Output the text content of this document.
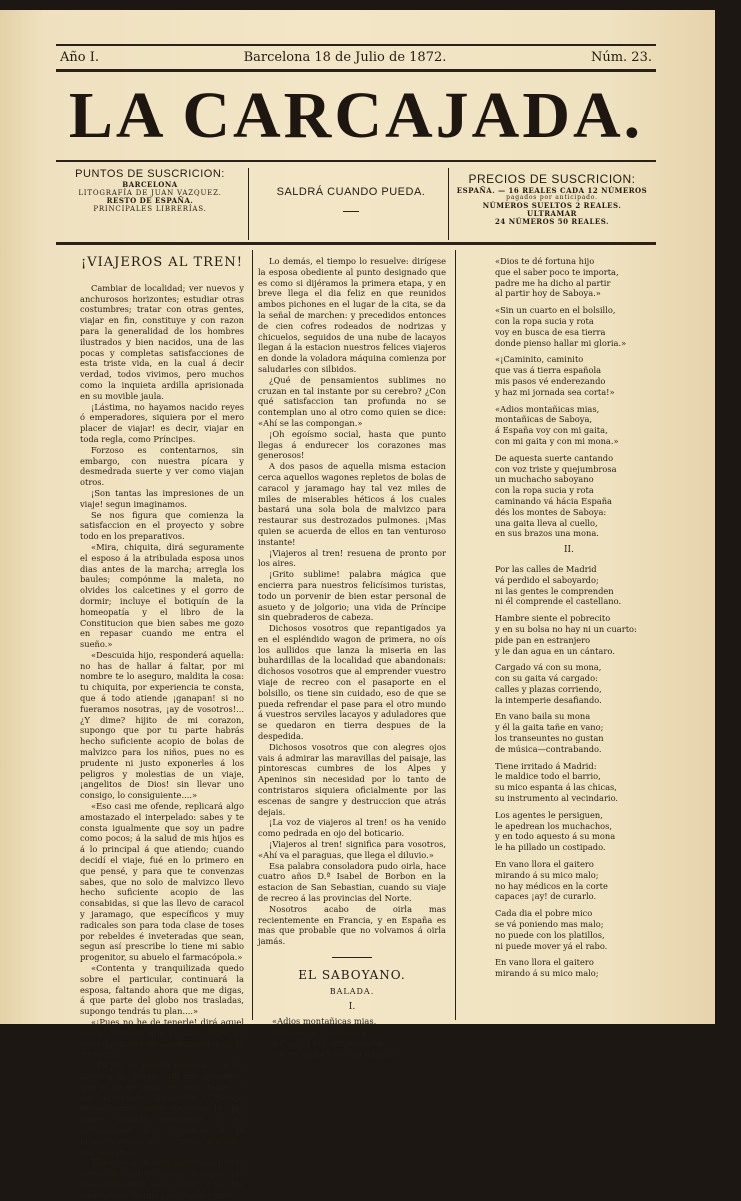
Año I.	Barcelona 18 de Julio de 1872.	Núm. 23.
LA CARCAJADA.
PUNTOS DE SUSCRICION:
BARCELONA
LITOGRAFÍA DE JUAN VAZQUEZ.
RESTO DE ESPAÑA.
PRINCIPALES LIBRERÍAS.
SALDRÁ CUANDO PUEDA.
PRECIOS DE SUSCRICION:
ESPAÑA. — 16 REALES CADA 12 NÚMEROS
pagados por anticipado.
NÚMEROS SUELTOS 2 REALES.
ULTRAMAR
24 NÚMEROS 50 REALES.
¡VIAJEROS AL TREN!

Cambiar de localidad; ver nuevos y anchurosos horizontes; estudiar otras costumbres; tratar con otras gentes, viajar en fin, constituye y con razon para la generalidad de los hombres ilustrados y bien nacidos, una de las pocas y completas satisfacciones de esta triste vida, en la cual á decir verdad, todos vivimos, pero muchos como la inquieta ardilla aprisionada en su movible jaula.

¡Lástima, no hayamos nacido reyes ó emperadores, siquiera por el mero placer de viajar! es decir, viajar en toda regla, como Príncipes.

Forzoso es contentarnos, sin embargo, con nuestra pícara y desmedrada suerte y ver como viajan otros.

¡Son tantas las impresiones de un viaje! segun imaginamos.

Se nos figura que comienza la satisfaccion en el proyecto y sobre todo en los preparativos.

«Mira, chiquita, dirá seguramente el esposo á la atribulada esposa unos dias antes de la marcha; arregla los baules; compónme la maleta, no olvides los calcetines y el gorro de dormir; incluye el botiquín de la homeopatía y el libro de la Constitucion que bien sabes me gozo en repasar cuando me entra el sueño.»

«Descuida hijo, responderá aquella: no has de hallar á faltar, por mi nombre te lo aseguro, maldita la cosa: tu chiquita, por experiencia te consta, que á todo atiende ¡ganapan! si no fueramos nosotras, ¡ay de vosotros!... ¿Y dime? hijito de mi corazon, supongo que por tu parte habrás hecho suficiente acopio de bolas de malvizco para los niños, pues no es prudente ni justo exponerles á los peligros y molestias de un viaje, ¡angelitos de Dios! sin llevar uno consigo, lo consiguiente....»

«Eso casi me ofende, replicará algo amostazado el interpelado: sabes y te consta igualmente que soy un padre como pocos; á la salud de mis hijos es á lo principal á que atiendo; cuando decidí el viaje, fué en lo primero en que pensé, y para que te convenzas sabes, que no solo de malvizco llevo hecho suficiente acopio de las consabidas, si que las llevo de caracol y jaramago, que específicos y muy radicales son para toda clase de toses por rebeldes é inveteradas que sean, segun así prescribe lo tiene mi sabio progenitor, su abuelo el farmacópola.»

«Contenta y tranquilizada quedo sobre el particular, continuará la esposa, faltando ahora que me digas, á que parte del globo nos trasladas, supongo tendrás tu plan....»

«¡Pues no he de tenerle! dirá aquel ¡vaya! permite que lo calle, pues no quiero privarte de la satisfaccion de la sorpresa.»

«Tú por de pronto marchas con los niños á la Granja: allí me aguardas, que no he de tardar en reunirteme; yo aquí entretanto aprovecho el tiempo despachando algun negociocillo que tengo todavía pendiente y en juntándonos nos dirigimos á la primera estacion y.... cuento acabado, nos largamos.»

Tales serán ó muy parecidos por lo menos los sabrosísimos diálogos que mediarán entre todo palomo y paloma en vísperas de una partida de recreo.

Lo demás, el tiempo lo resuelve: dirígese la esposa obediente al punto designado que es como si dijéramos la primera etapa, y en breve llega el dia feliz en que reunidos ambos pichones en el lugar de la cita, se da la señal de marchen: y precedidos entonces de cien cofres rodeados de nodrizas y chicuelos, seguidos de una nube de lacayos llegan á la estacion nuestros felices viajeros en donde la voladora máquina comienza por saludarles con silbidos.

¿Qué de pensamientos sublimes no cruzan en tal instante por su cerebro? ¿Con qué satisfaccion tan profunda no se contemplan uno al otro como quien se dice: «Ahí se las compongan.»

¡Oh egoísmo social, hasta que punto llegas á endurecer los corazones mas generosos!

A dos pasos de aquella misma estacion cerca aquellos wagones repletos de bolas de caracol y jaramago hay tal vez miles de miles de miserables héticos á los cuales bastará una sola bola de malvizco para restaurar sus destrozados pulmones. ¡Mas quien se acuerda de ellos en tan venturoso instante!

¡Viajeros al tren! resuena de pronto por los aires.

¡Grito sublime! palabra mágica que encierra para nuestros felicísimos turistas, todo un porvenir de bien estar personal de asueto y de jolgorio; una vida de Príncipe sin quebraderos de cabeza.

Dichosos vosotros que repantigados ya en el espléndido wagon de primera, no oís los aullidos que lanza la miseria en las buhardillas de la localidad que abandonais: dichosos vosotros que al emprender vuestro viaje de recreo con el pasaporte en el bolsillo, os tiene sin cuidado, eso de que se pueda refrendar el pase para el otro mundo á vuestros serviles lacayos y aduladores que se quedaron en tierra despues de la despedida.

Dichosos vosotros que con alegres ojos vais á admirar las maravillas del paisaje, las pintorescas cumbres de los Alpes y Apeninos sin necesidad por lo tanto de contristaros siquiera oficialmente por las escenas de sangre y destruccion que atrás dejais.

¡La voz de viajeros al tren! os ha venido como pedrada en ojo del boticario.

¡Viajeros al tren! significa para vosotros, «Ahí va el paraguas, que llega el diluvio.»

Esa palabra consoladora pudo oirla, hace cuatro años D.ª Isabel de Borbon en la estacion de San Sebastian, cuando su viaje de recreo á las provincias del Norte.

Nosotros acabo de oirla mas recientemente en Francia, y en España es mas que probable que no volvamos á oirla jamás.

EL SABOYANO.
BALADA.
I.
«Adios montañicas mias,
montañicas de Saboya,
á España voy con mi gaita
con mi gaita y con mi mona.»
«Dios te dé fortuna hijo
que el saber poco te importa,
padre me ha dicho al partir
al partir hoy de Saboya.»
«Sin un cuarto en el bolsillo,
con la ropa sucia y rota
voy en busca de esa tierra
donde pienso hallar mi gloria.»
«¡Caminito, caminito
que vas á tierra española
mis pasos vé enderezando
y haz mi jornada sea corta!»
«Adios montañicas mias,
montañicas de Saboya,
á España voy con mi gaita,
con mi gaita y con mi mona.»
De aquesta suerte cantando
con voz triste y quejumbrosa
un muchacho saboyano
con la ropa sucia y rota
caminando vá hácia España
dés los montes de Saboya:
una gaita lleva al cuello,
en sus brazos una mona.
II.
Por las calles de Madrid
vá perdido el saboyardo;
ni las gentes le comprenden
ni él comprende el castellano.
Hambre siente el pobrecito
y en su bolsa no hay ni un cuarto:
pide pan en estranjero
y le dan agua en un cántaro.
Cargado vá con su mona,
con su gaita vá cargado:
calles y plazas corriendo,
la intemperie desafiando.
En vano baila su mona
y él la gaita tañe en vano;
los transeuntes no gustan
de música—contrabando.
Tiene irritado á Madrid:
le maldice todo el barrio,
su mico espanta á las chicas,
su instrumento al vecindario.
Los agentes le persiguen,
le apedrean los muchachos,
y en todo aquesto á su mona
le ha pillado un costipado.
En vano llora el gaitero
mirando á su mico malo;
no hay médicos en la corte
capaces ¡ay! de curarlo.
Cada dia el pobre mico
se vá poniendo mas malo;
no puede con los platillos,
ni puede mover yá el rabo.
En vano llora el gaitero
mirando á su mico malo;
